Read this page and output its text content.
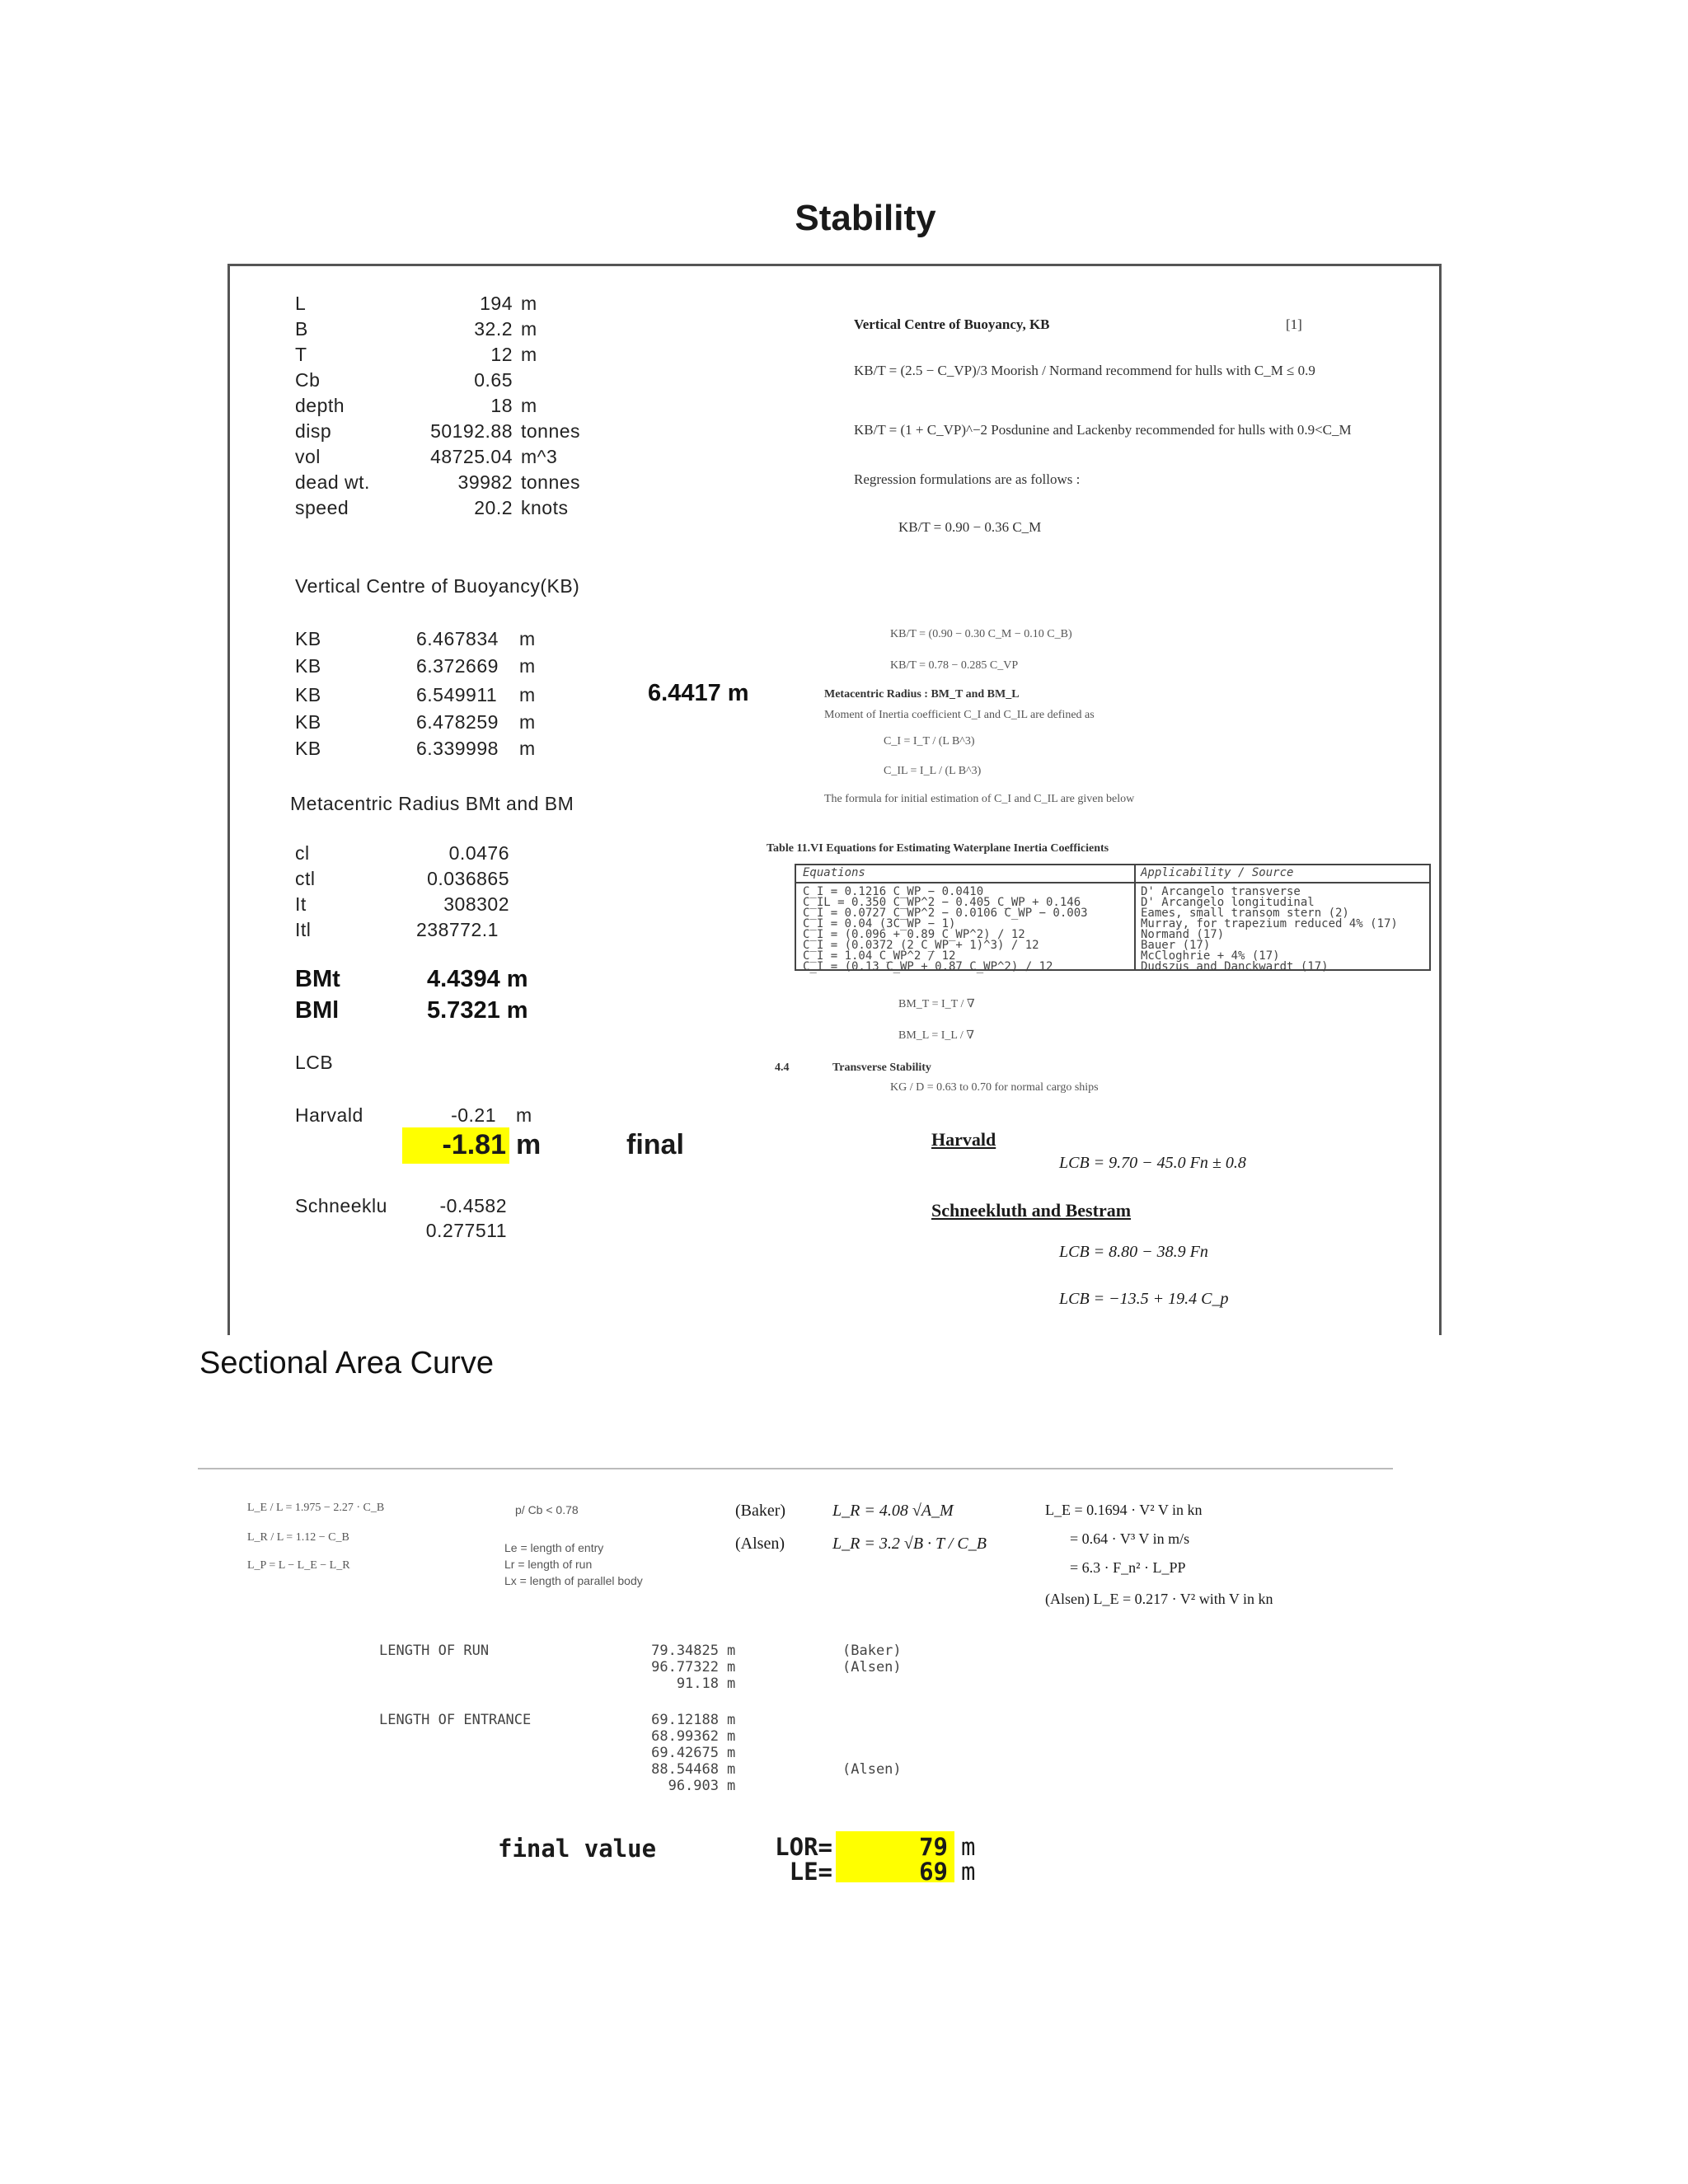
Stability
L	194 m
B	32.2 m
T	12 m
Cb	0.65
depth	18 m
disp	50192.88 tonnes
vol	48725.04 m^3
dead wt.	39982 tonnes
speed	20.2 knots
Vertical Centre of Buoyancy(KB)
KB	6.467834 m
KB	6.372669 m
KB	6.549911 m
KB	6.478259 m
KB	6.339998 m
6.4417 m
Metacentric Radius BMt and BM
cl	0.0476
ctl	0.036865
It	308302
Itl	238772.1
BMt	4.4394 m
BMl	5.7321 m
LCB
Harvald	-0.21 m
-1.81 m	final
Schneeklu	-0.4582
0.277511
Vertical Centre of Buoyancy, KB	[1]
KB/T = (2.5 − C_VP)/3 Moorish / Normand recommend for hulls with C_M ≤ 0.9
KB/T = (1 + C_VP)^−2 Posdunine and Lackenby recommended for hulls with 0.9<C_M
Regression formulations are as follows :
KB/T = 0.90 − 0.36 C_M
KB/T = (0.90 − 0.30 C_M − 0.10 C_B)
KB/T = 0.78 − 0.285 C_VP
Metacentric Radius : BM_T and BM_L
Moment of Inertia coefficient C_I and C_IL are defined as
C_I = I_T / (L B^3)
C_IL = I_L / (L B^3)
The formula for initial estimation of C_I and C_IL are given below
Table 11.VI Equations for Estimating Waterplane Inertia Coefficients
Equations	Applicability / Source
C_I = 0.1216 C_WP − 0.0410	D' Arcangelo transverse
C_IL = 0.350 C_WP^2 − 0.405 C_WP + 0.146	D' Arcangelo longitudinal
C_I = 0.0727 C_WP^2 − 0.0106 C_WP − 0.003	Eames, small transom stern (2)
C_I = 0.04 (3C_WP − 1)	Murray, for trapezium reduced 4% (17)
C_I = (0.096 + 0.89 C_WP^2) / 12	Normand (17)
C_I = (0.0372 (2 C_WP + 1)^3) / 12	Bauer (17)
C_I = 1.04 C_WP^2 / 12	McCloghrie + 4% (17)
C_I = (0.13 C_WP + 0.87 C_WP^2) / 12	Dudszus and Danckwardt (17)
BM_T = I_T / ∇
BM_L = I_L / ∇
4.4	Transverse Stability
KG / D = 0.63 to 0.70 for normal cargo ships
Harvald
LCB = 9.70 − 45.0 Fn ± 0.8
Schneekluth and Bestram
LCB = 8.80 − 38.9 Fn
LCB = −13.5 + 19.4 C_p
Sectional Area Curve
L_E / L = 1.975 − 2.27 · C_B
L_R / L = 1.12 − C_B
L_P = L − L_E − L_R
p/ Cb < 0.78
Le = length of entry
Lr = length of run
Lx = length of parallel body
(Baker)	L_R = 4.08 √A_M
(Alsen)	L_R = 3.2 √B · T / C_B
L_E = 0.1694 · V² V in kn
= 0.64 · V³ V in m/s
= 6.3 · F_n² · L_PP
(Alsen) L_E = 0.217 · V² with V in kn
LENGTH OF RUN	79.34825 m	(Baker)
96.77322 m	(Alsen)
91.18 m
LENGTH OF ENTRANCE	69.12188 m
68.99362 m
69.42675 m
88.54468 m	(Alsen)
96.903 m
final value	LOR=	79 m
LE=	69 m
